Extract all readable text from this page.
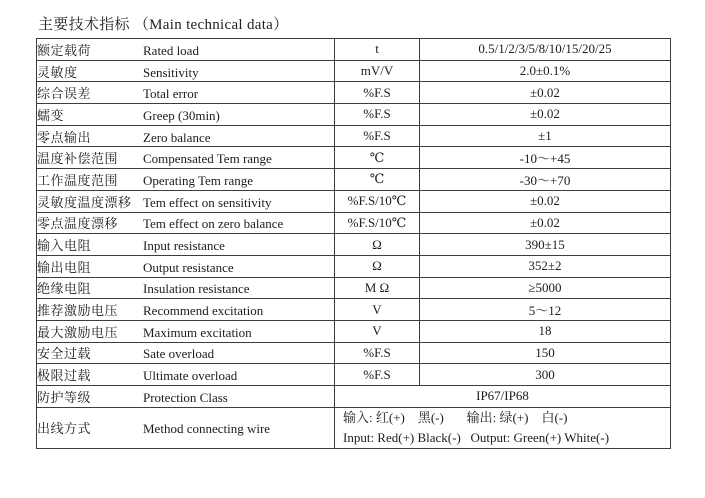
主要技术指标 （Main technical data）
额定载荷 Rated load	t	0.5/1/2/3/5/8/10/15/20/25
灵敏度 Sensitivity	mV/V	2.0±0.1%
综合误差 Total error	%F.S	±0.02
蠕变 Greep (30min)	%F.S	±0.02
零点输出 Zero balance	%F.S	±1
温度补偿范围 Compensated Tem range	℃	-10～+45
工作温度范围 Operating Tem range	℃	-30～+70
灵敏度温度漂移 Tem effect on sensitivity	%F.S/10℃	±0.02
零点温度漂移 Tem effect on zero balance	%F.S/10℃	±0.02
输入电阻 Input resistance	Ω	390±15
输出电阻 Output resistance	Ω	352±2
绝缘电阻 Insulation resistance	M Ω	≥5000
推荐激励电压 Recommend excitation	V	5～12
最大激励电压 Maximum excitation	V	18
安全过载 Sate overload	%F.S	150
极限过载 Ultimate overload	%F.S	300
防护等级 Protection Class	IP67/IP68	
出线方式 Method connecting wire	输入: 红(+)    黑(-)       输出: 绿(+)    白(-)
Input: Red(+) Black(-)   Output: Green(+) White(-)	
